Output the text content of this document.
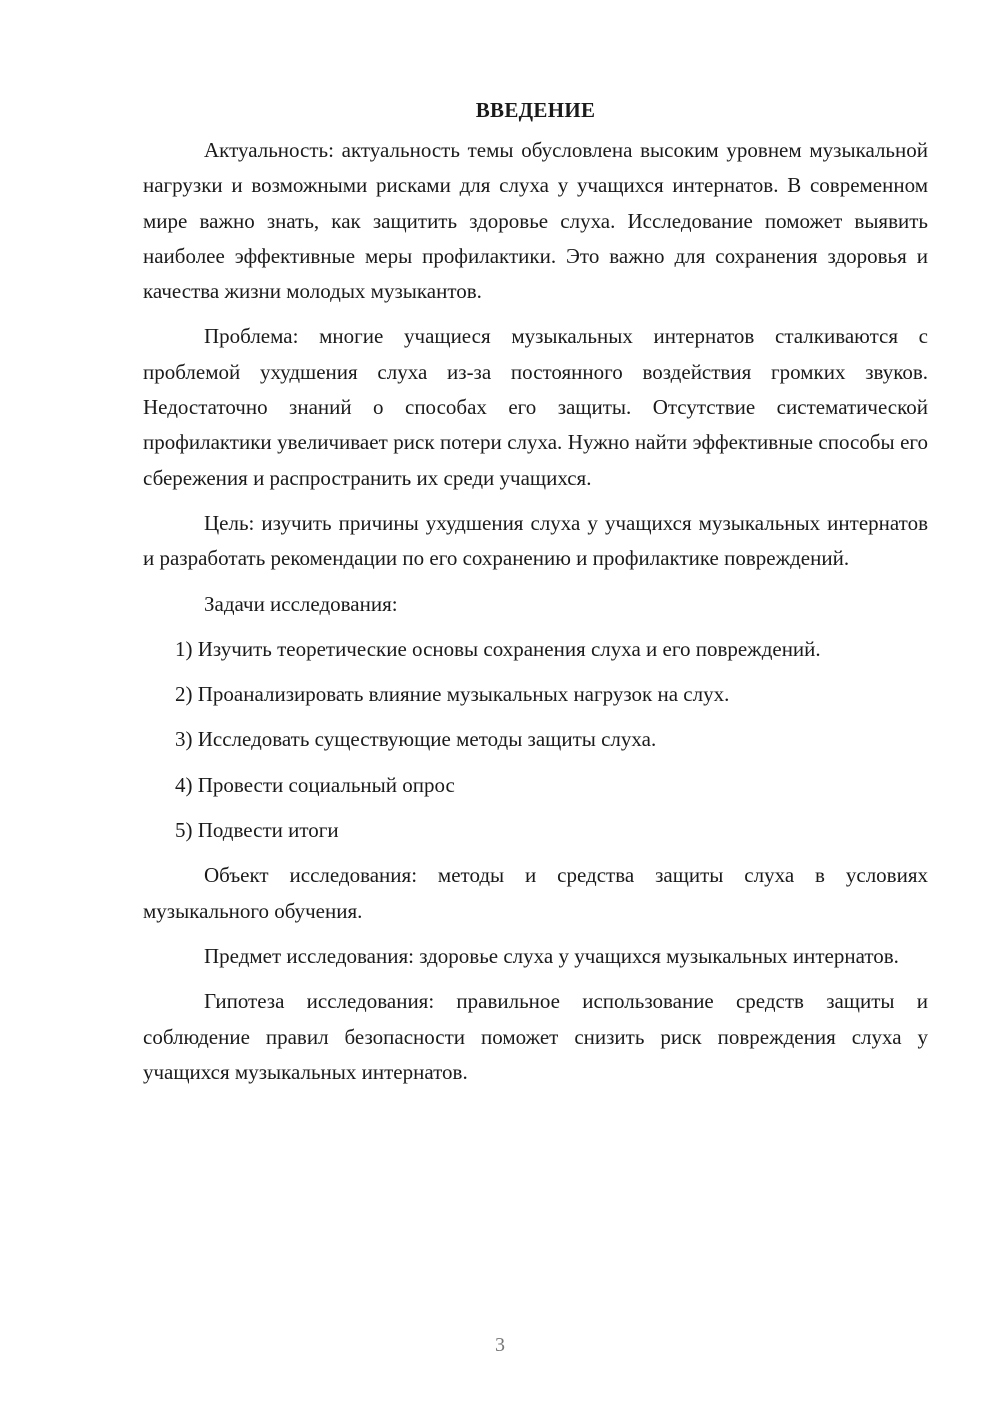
ВВЕДЕНИЕ

Актуальность: актуальность темы обусловлена высоким уровнем музыкальной нагрузки и возможными рисками для слуха у учащихся интернатов. В современном мире важно знать, как защитить здоровье слуха. Исследование поможет выявить наиболее эффективные меры профилактики. Это важно для сохранения здоровья и качества жизни молодых музыкантов.

Проблема: многие учащиеся музыкальных интернатов сталкиваются с проблемой ухудшения слуха из-за постоянного воздействия громких звуков. Недостаточно знаний о способах его защиты. Отсутствие систематической профилактики увеличивает риск потери слуха. Нужно найти эффективные способы его сбережения и распространить их среди учащихся.

Цель: изучить причины ухудшения слуха у учащихся музыкальных интернатов и разработать рекомендации по его сохранению и профилактике повреждений.

Задачи исследования:

1) Изучить теоретические основы сохранения слуха и его повреждений.

2) Проанализировать влияние музыкальных нагрузок на слух.

3) Исследовать существующие методы защиты слуха.

4) Провести социальный опрос

5) Подвести итоги

Объект исследования: методы и средства защиты слуха в условиях музыкального обучения.

Предмет исследования: здоровье слуха у учащихся музыкальных интернатов.

Гипотеза исследования: правильное использование средств защиты и соблюдение правил безопасности поможет снизить риск повреждения слуха у учащихся музыкальных интернатов.

3
